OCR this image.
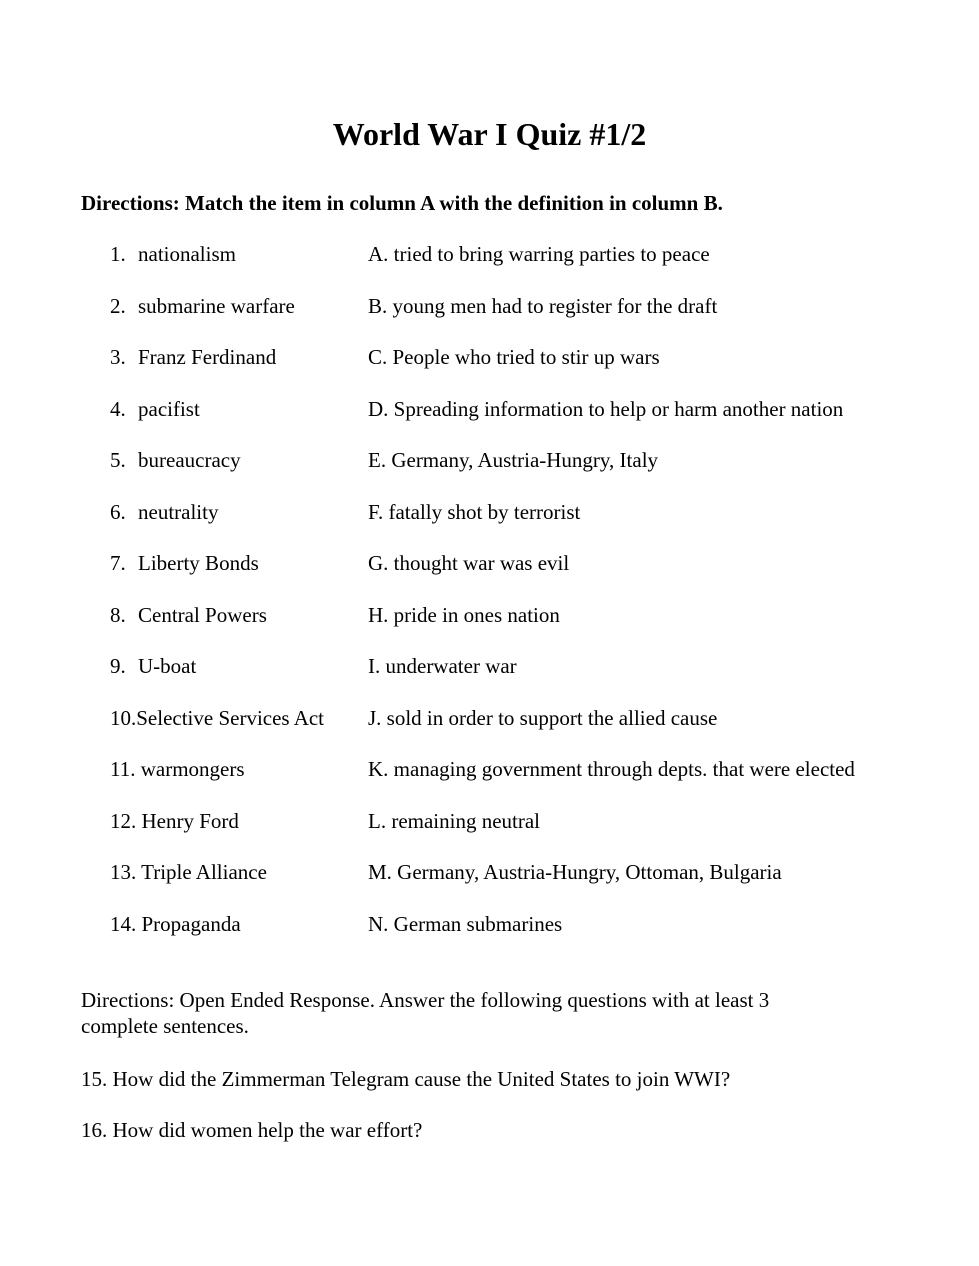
World War I Quiz #1/2
Directions: Match the item in column A with the definition in column B.
1. nationalism	A. tried to bring warring parties to peace
2. submarine warfare	B. young men had to register for the draft
3. Franz Ferdinand	C. People who tried to stir up wars
4. pacifist	D. Spreading information to help or harm another nation
5. bureaucracy	E. Germany, Austria-Hungry, Italy
6. neutrality	F. fatally shot by terrorist
7. Liberty Bonds	G. thought war was evil
8. Central Powers	H. pride in ones nation
9. U-boat	I. underwater war
10.Selective Services Act J. sold in order to support the allied cause
11. warmongers	K. managing government through depts. that were elected
12. Henry Ford	L. remaining neutral
13. Triple Alliance	M. Germany, Austria-Hungry, Ottoman, Bulgaria
14. Propaganda	N. German submarines
Directions: Open Ended Response. Answer the following questions with at least 3 complete sentences.
15. How did the Zimmerman Telegram cause the United States to join WWI?
16. How did women help the war effort?
